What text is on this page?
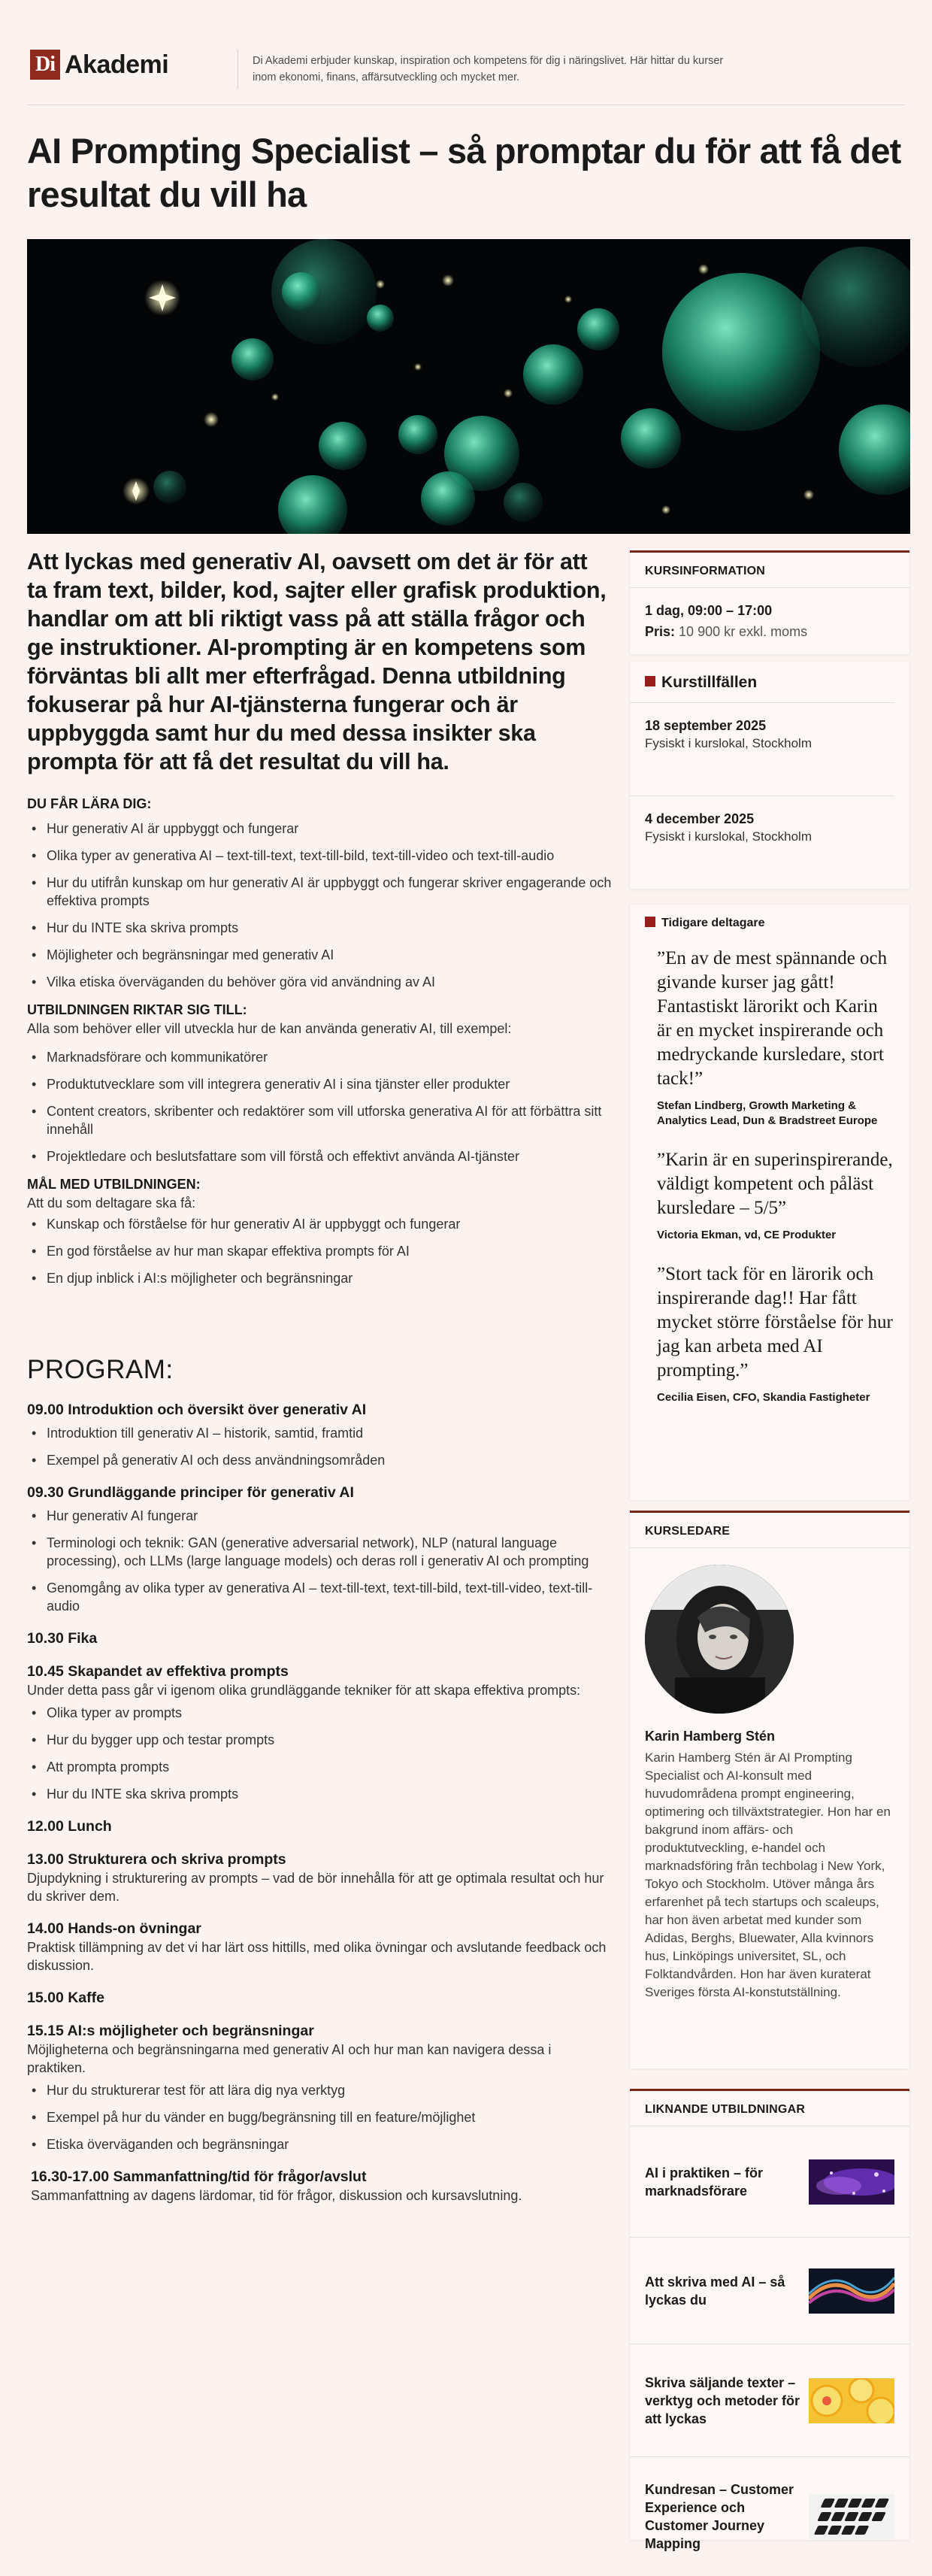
Di Akademi	Di Akademi erbjuder kunskap, inspiration och kompetens för dig i näringslivet. Här hittar du kurser inom ekonomi, finans, affärsutveckling och mycket mer.
AI Prompting Specialist – så promptar du för att få det resultat du vill ha

Att lyckas med generativ AI, oavsett om det är för att ta fram text, bilder, kod, sajter eller grafisk produktion, handlar om att bli riktigt vass på att ställa frågor och ge instruktioner. AI-prompting är en kompetens som förväntas bli allt mer efterfrågad. Denna utbildning fokuserar på hur AI-tjänsterna fungerar och är uppbyggda samt hur du med dessa insikter ska prompta för att få det resultat du vill ha.

DU FÅR LÄRA DIG:
• Hur generativ AI är uppbyggt och fungerar
• Olika typer av generativa AI – text-till-text, text-till-bild, text-till-video och text-till-audio
• Hur du utifrån kunskap om hur generativ AI är uppbyggt och fungerar skriver engagerande och effektiva prompts
• Hur du INTE ska skriva prompts
• Möjligheter och begränsningar med generativ AI
• Vilka etiska överväganden du behöver göra vid användning av AI
UTBILDNINGEN RIKTAR SIG TILL:

Alla som behöver eller vill utveckla hur de kan använda generativ AI, till exempel:

• Marknadsförare och kommunikatörer
• Produktutvecklare som vill integrera generativ AI i sina tjänster eller produkter
• Content creators, skribenter och redaktörer som vill utforska generativa AI för att förbättra sitt innehåll
• Projektledare och beslutsfattare som vill förstå och effektivt använda AI-tjänster
MÅL MED UTBILDNINGEN:

Att du som deltagare ska få:

• Kunskap och förståelse för hur generativ AI är uppbyggt och fungerar
• En god förståelse av hur man skapar effektiva prompts för AI
• En djup inblick i AI:s möjligheter och begränsningar
PROGRAM:
09.00 Introduktion och översikt över generativ AI
• Introduktion till generativ AI – historik, samtid, framtid
• Exempel på generativ AI och dess användningsområden
09.30 Grundläggande principer för generativ AI
• Hur generativ AI fungerar
• Terminologi och teknik: GAN (generative adversarial network), NLP (natural language processing), och LLMs (large language models) och deras roll i generativ AI och prompting
• Genomgång av olika typer av generativa AI – text-till-text, text-till-bild, text-till-video, text-till-audio
10.30 Fika
10.45 Skapandet av effektiva prompts

Under detta pass går vi igenom olika grundläggande tekniker för att skapa effektiva prompts:

• Olika typer av prompts
• Hur du bygger upp och testar prompts
• Att prompta prompts
• Hur du INTE ska skriva prompts
12.00 Lunch
13.00 Strukturera och skriva prompts

Djupdykning i strukturering av prompts – vad de bör innehålla för att ge optimala resultat och hur du skriver dem.

14.00 Hands-on övningar

Praktisk tillämpning av det vi har lärt oss hittills, med olika övningar och avslutande feedback och diskussion.

15.00 Kaffe
15.15 AI:s möjligheter och begränsningar

Möjligheterna och begränsningarna med generativ AI och hur man kan navigera dessa i praktiken.

• Hur du strukturerar test för att lära dig nya verktyg
• Exempel på hur du vänder en bugg/begränsning till en feature/möjlighet
• Etiska överväganden och begränsningar
16.30-17.00 Sammanfattning/tid för frågor/avslut

Sammanfattning av dagens lärdomar, tid för frågor, diskussion och kursavslutning.

KURSINFORMATION
1 dag, 09:00 – 17:00
Pris: 10 900 kr exkl. moms
Kurstillfällen
18 september 2025
Fysiskt i kurslokal, Stockholm
4 december 2025
Fysiskt i kurslokal, Stockholm
Tidigare deltagare

”En av de mest spännande och givande kurser jag gått! Fantastiskt lärorikt och Karin är en mycket inspirerande och medryckande kursledare, stort tack!”

Stefan Lindberg, Growth Marketing & Analytics Lead, Dun & Bradstreet Europe

”Karin är en superinspirerande, väldigt kompetent och påläst kursledare – 5/5”

Victoria Ekman, vd, CE Produkter

”Stort tack för en lärorik och inspirerande dag!! Har fått mycket större förståelse för hur jag kan arbeta med AI prompting.”

Cecilia Eisen, CFO, Skandia Fastigheter

KURSLEDARE
Karin Hamberg Stén

Karin Hamberg Stén är AI Prompting Specialist och AI-konsult med huvudområdena prompt engineering, optimering och tillväxtstrategier. Hon har en bakgrund inom affärs- och produktutveckling, e-handel och marknadsföring från techbolag i New York, Tokyo och Stockholm. Utöver många års erfarenhet på tech startups och scaleups, har hon även arbetat med kunder som Adidas, Berghs, Bluewater, Alla kvinnors hus, Linköpings universitet, SL, och Folktandvården. Hon har även kuraterat Sveriges första AI-konstutställning.

LIKNANDE UTBILDNINGAR
AI i praktiken – för marknadsförare
Att skriva med AI – så lyckas du
Skriva säljande texter – verktyg och metoder för att lyckas
Kundresan – Customer Experience och Customer Journey Mapping
